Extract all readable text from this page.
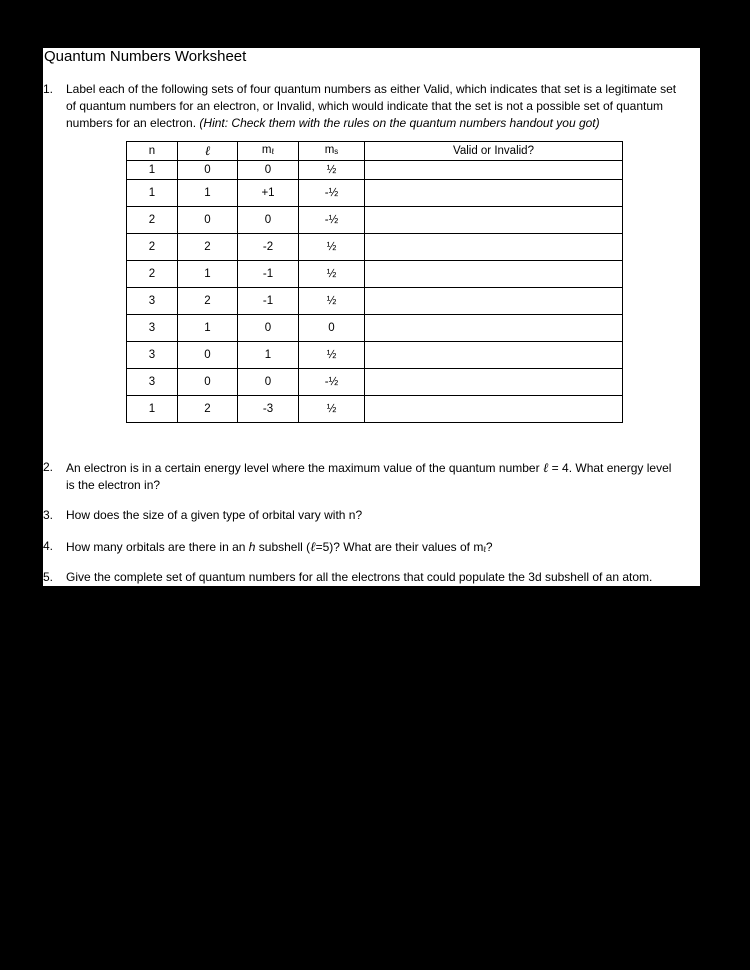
Quantum Numbers Worksheet
1. Label each of the following sets of four quantum numbers as either Valid, which indicates that set is a legitimate set
of quantum numbers for an electron, or Invalid, which would indicate that the set is not a possible set of quantum
numbers for an electron. (Hint: Check them with the rules on the quantum numbers handout you got)
n	ℓ	mℓ	ms	Valid or Invalid?
1	0	0	½	
1	1	+1	-½	
2	0	0	-½	
2	2	-2	½	
2	1	-1	½	
3	2	-1	½	
3	1	0	0	
3	0	1	½	
3	0	0	-½	
1	2	-3	½	
2. An electron is in a certain energy level where the maximum value of the quantum number ℓ = 4. What energy level
is the electron in?
3. How does the size of a given type of orbital vary with n?
4. How many orbitals are there in an h subshell (ℓ=5)? What are their values of mℓ?
5. Give the complete set of quantum numbers for all the electrons that could populate the 3d subshell of an atom.
